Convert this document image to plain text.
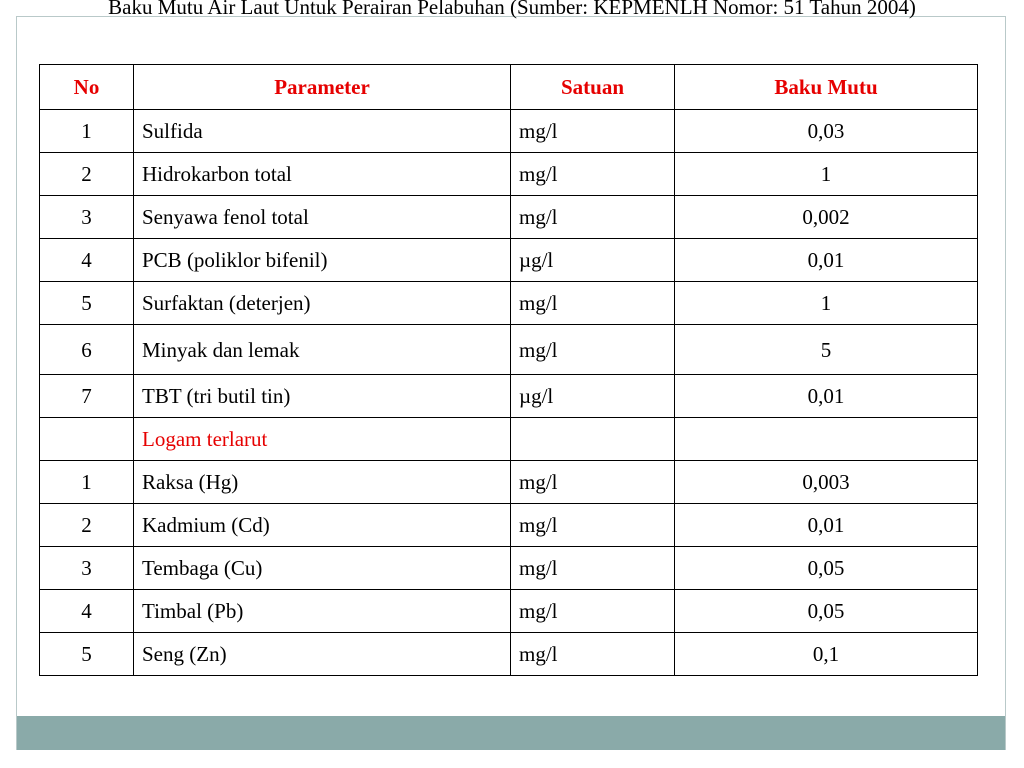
Baku Mutu Air Laut Untuk Perairan Pelabuhan (Sumber: KEPMENLH Nomor: 51 Tahun 2004)
No	Parameter	Satuan	Baku Mutu
1	Sulfida	mg/l	0,03
2	Hidrokarbon total	mg/l	1
3	Senyawa fenol total	mg/l	0,002
4	PCB (poliklor bifenil)	µg/l	0,01
5	Surfaktan (deterjen)	mg/l	1
6	Minyak dan lemak	mg/l	5
7	TBT (tri butil tin)	µg/l	0,01
	Logam terlarut		
1	Raksa (Hg)	mg/l	0,003
2	Kadmium (Cd)	mg/l	0,01
3	Tembaga (Cu)	mg/l	0,05
4	Timbal (Pb)	mg/l	0,05
5	Seng (Zn)	mg/l	0,1
